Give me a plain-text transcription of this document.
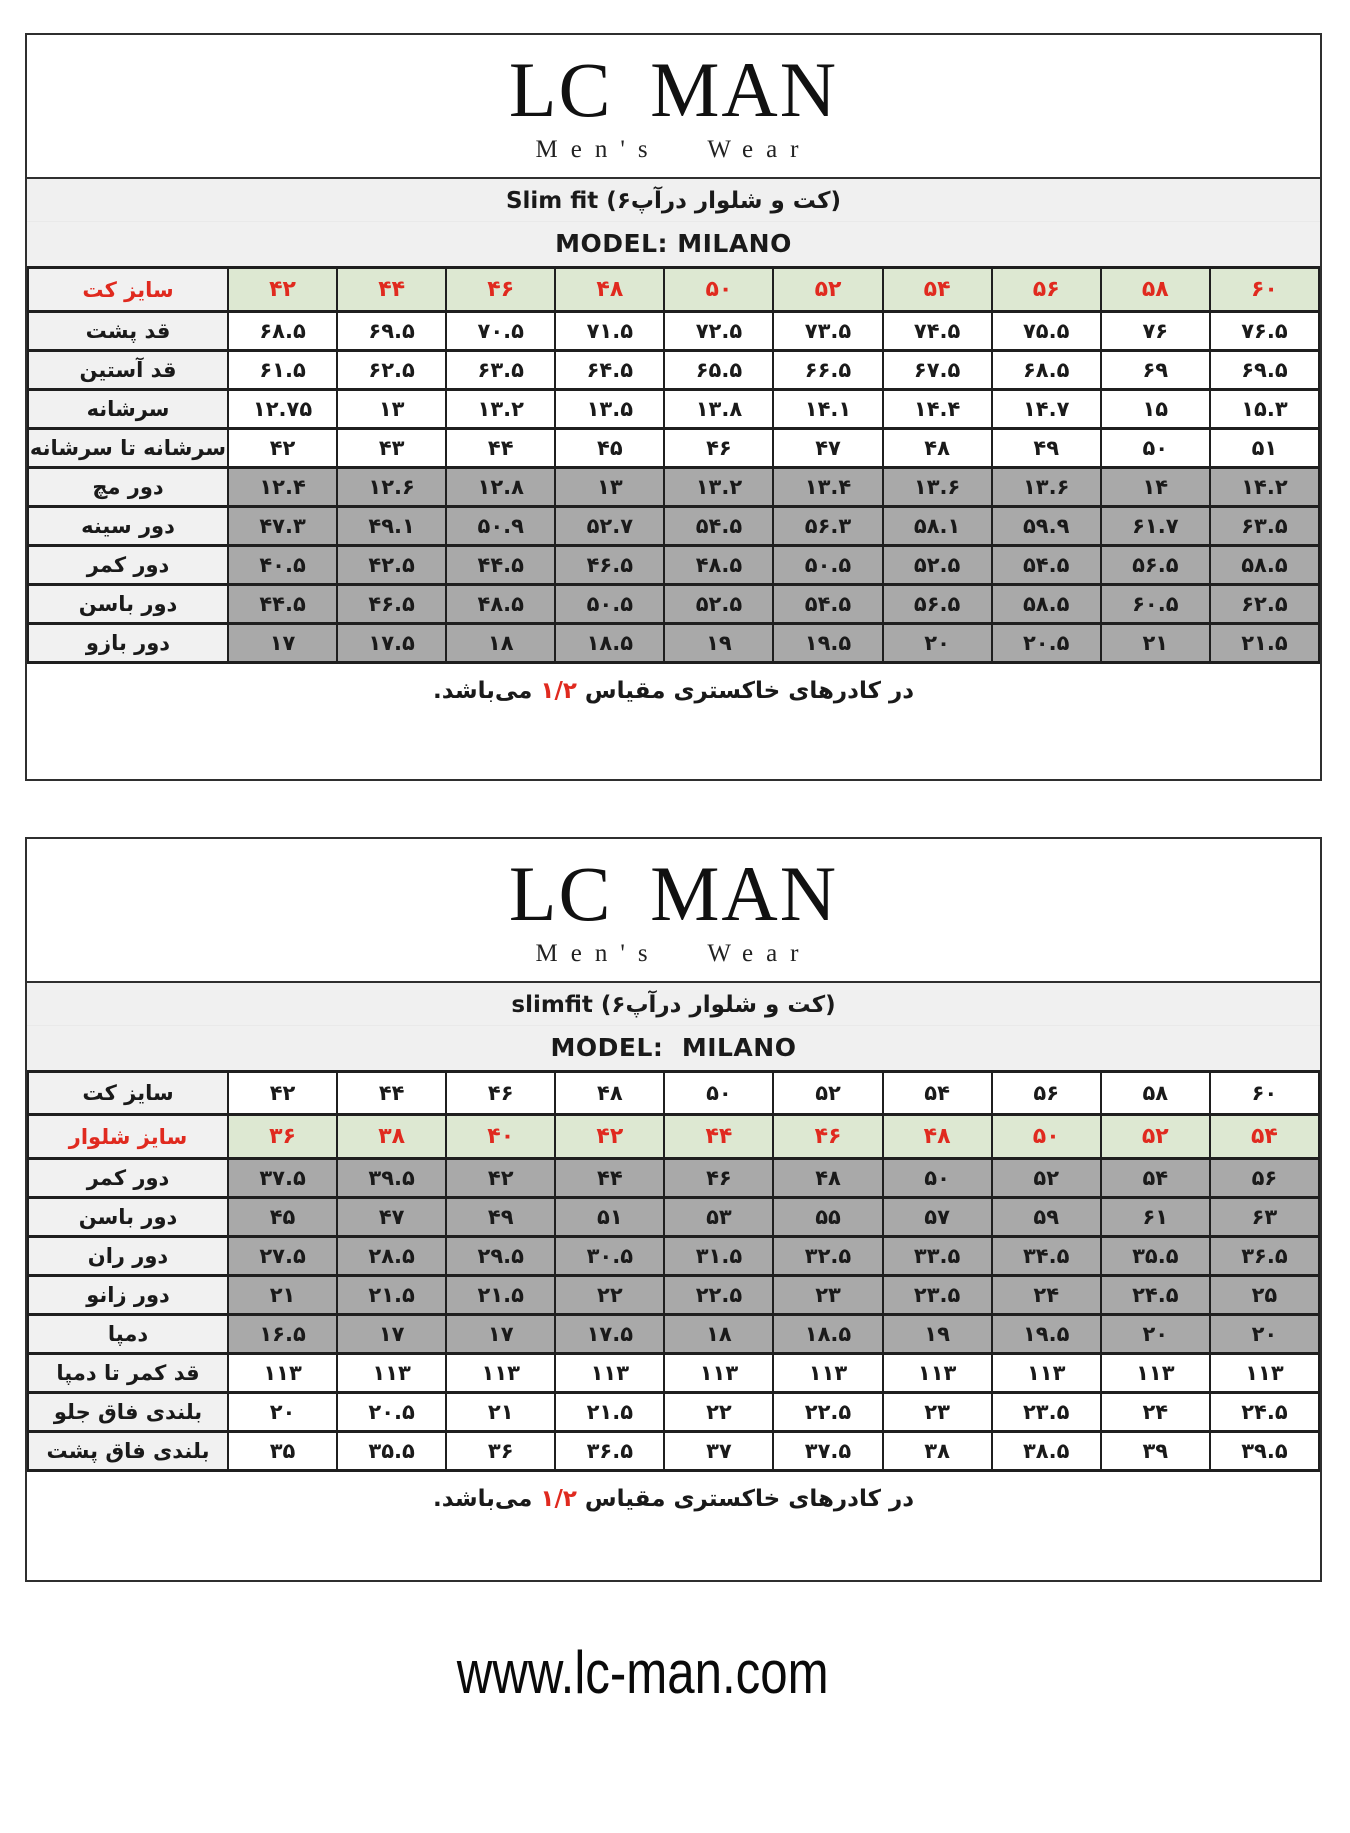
LC MAN
Men's Wear
Slim fit (کت و شلوار درآپ۶)
MODEL: MILANO
سایز کت	۴۲	۴۴	۴۶	۴۸	۵۰	۵۲	۵۴	۵۶	۵۸	۶۰
قد پشت	۶۸.۵	۶۹.۵	۷۰.۵	۷۱.۵	۷۲.۵	۷۳.۵	۷۴.۵	۷۵.۵	۷۶	۷۶.۵
قد آستین	۶۱.۵	۶۲.۵	۶۳.۵	۶۴.۵	۶۵.۵	۶۶.۵	۶۷.۵	۶۸.۵	۶۹	۶۹.۵
سرشانه	۱۲.۷۵	۱۳	۱۳.۲	۱۳.۵	۱۳.۸	۱۴.۱	۱۴.۴	۱۴.۷	۱۵	۱۵.۳
سرشانه تا سرشانه	۴۲	۴۳	۴۴	۴۵	۴۶	۴۷	۴۸	۴۹	۵۰	۵۱
دور مچ	۱۲.۴	۱۲.۶	۱۲.۸	۱۳	۱۳.۲	۱۳.۴	۱۳.۶	۱۳.۶	۱۴	۱۴.۲
دور سینه	۴۷.۳	۴۹.۱	۵۰.۹	۵۲.۷	۵۴.۵	۵۶.۳	۵۸.۱	۵۹.۹	۶۱.۷	۶۳.۵
دور کمر	۴۰.۵	۴۲.۵	۴۴.۵	۴۶.۵	۴۸.۵	۵۰.۵	۵۲.۵	۵۴.۵	۵۶.۵	۵۸.۵
دور باسن	۴۴.۵	۴۶.۵	۴۸.۵	۵۰.۵	۵۲.۵	۵۴.۵	۵۶.۵	۵۸.۵	۶۰.۵	۶۲.۵
دور بازو	۱۷	۱۷.۵	۱۸	۱۸.۵	۱۹	۱۹.۵	۲۰	۲۰.۵	۲۱	۲۱.۵
در کادرهای خاکستری مقیاس ۱/۲ می‌باشد.
LC MAN
Men's Wear
slimfit (کت و شلوار درآپ۶)
MODEL:  MILANO
سایز کت	۴۲	۴۴	۴۶	۴۸	۵۰	۵۲	۵۴	۵۶	۵۸	۶۰
سایز شلوار	۳۶	۳۸	۴۰	۴۲	۴۴	۴۶	۴۸	۵۰	۵۲	۵۴
دور کمر	۳۷.۵	۳۹.۵	۴۲	۴۴	۴۶	۴۸	۵۰	۵۲	۵۴	۵۶
دور باسن	۴۵	۴۷	۴۹	۵۱	۵۳	۵۵	۵۷	۵۹	۶۱	۶۳
دور ران	۲۷.۵	۲۸.۵	۲۹.۵	۳۰.۵	۳۱.۵	۳۲.۵	۳۳.۵	۳۴.۵	۳۵.۵	۳۶.۵
دور زانو	۲۱	۲۱.۵	۲۱.۵	۲۲	۲۲.۵	۲۳	۲۳.۵	۲۴	۲۴.۵	۲۵
دمپا	۱۶.۵	۱۷	۱۷	۱۷.۵	۱۸	۱۸.۵	۱۹	۱۹.۵	۲۰	۲۰
قد کمر تا دمپا	۱۱۳	۱۱۳	۱۱۳	۱۱۳	۱۱۳	۱۱۳	۱۱۳	۱۱۳	۱۱۳	۱۱۳
بلندی فاق جلو	۲۰	۲۰.۵	۲۱	۲۱.۵	۲۲	۲۲.۵	۲۳	۲۳.۵	۲۴	۲۴.۵
بلندی فاق پشت	۳۵	۳۵.۵	۳۶	۳۶.۵	۳۷	۳۷.۵	۳۸	۳۸.۵	۳۹	۳۹.۵
در کادرهای خاکستری مقیاس ۱/۲ می‌باشد.
www.lc-man.com
